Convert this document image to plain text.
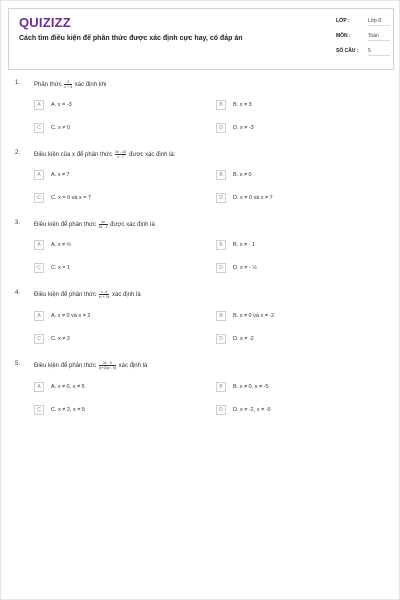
QUIZIZZ
Cách tìm điều kiện để phân thức được xác định cực hay, có đáp án
LỚP :	Lớp 8
MÔN :	Toán
SỐ CÂU : 5
1. Phân thức $\frac{3}{x + 3}$ xác định khi
A	A. x = -3	B	B. x ≠ 3
C	C. x ≠ 0	D	D. x ≠ -3
2. Điều kiện của x để phân thức $\frac{3x - 15}{x - 7}$ được xác định là:
A	A. x ≠ 7	B	B. x ≠ 0
C	C. x = 0 và x = 7	D	D. x ≠ 0 và x ≠ 7
3. Điều kiện để phân thức $\frac{4x}{2x - 1}$ được xác định là
A	A. x ≠ ½	B	B. x ≠ - 1
C	C. x = 1	D	D. x ≠ - ½
4. Điều kiện để phân thức $\frac{x - 4}{\text{x² + 2x}}$ xác định là
A	A. x ≠ 0 và x ≠ 2	B	B. x ≠ 0 và x ≠ -2
C	C. x ≠ 2	D	D. x ≠ -2
5. Điều kiện để phân thức $\frac{2x - 5}{(x+2)(x - 5)}$ xác định là
A	A. x ≠ 0, x ≠ 5	B	B. x ≠ 0, x ≠ -5
C	C. x ≠ 2, x ≠ 5	D	D. x ≠ -2, x ≠ -5
